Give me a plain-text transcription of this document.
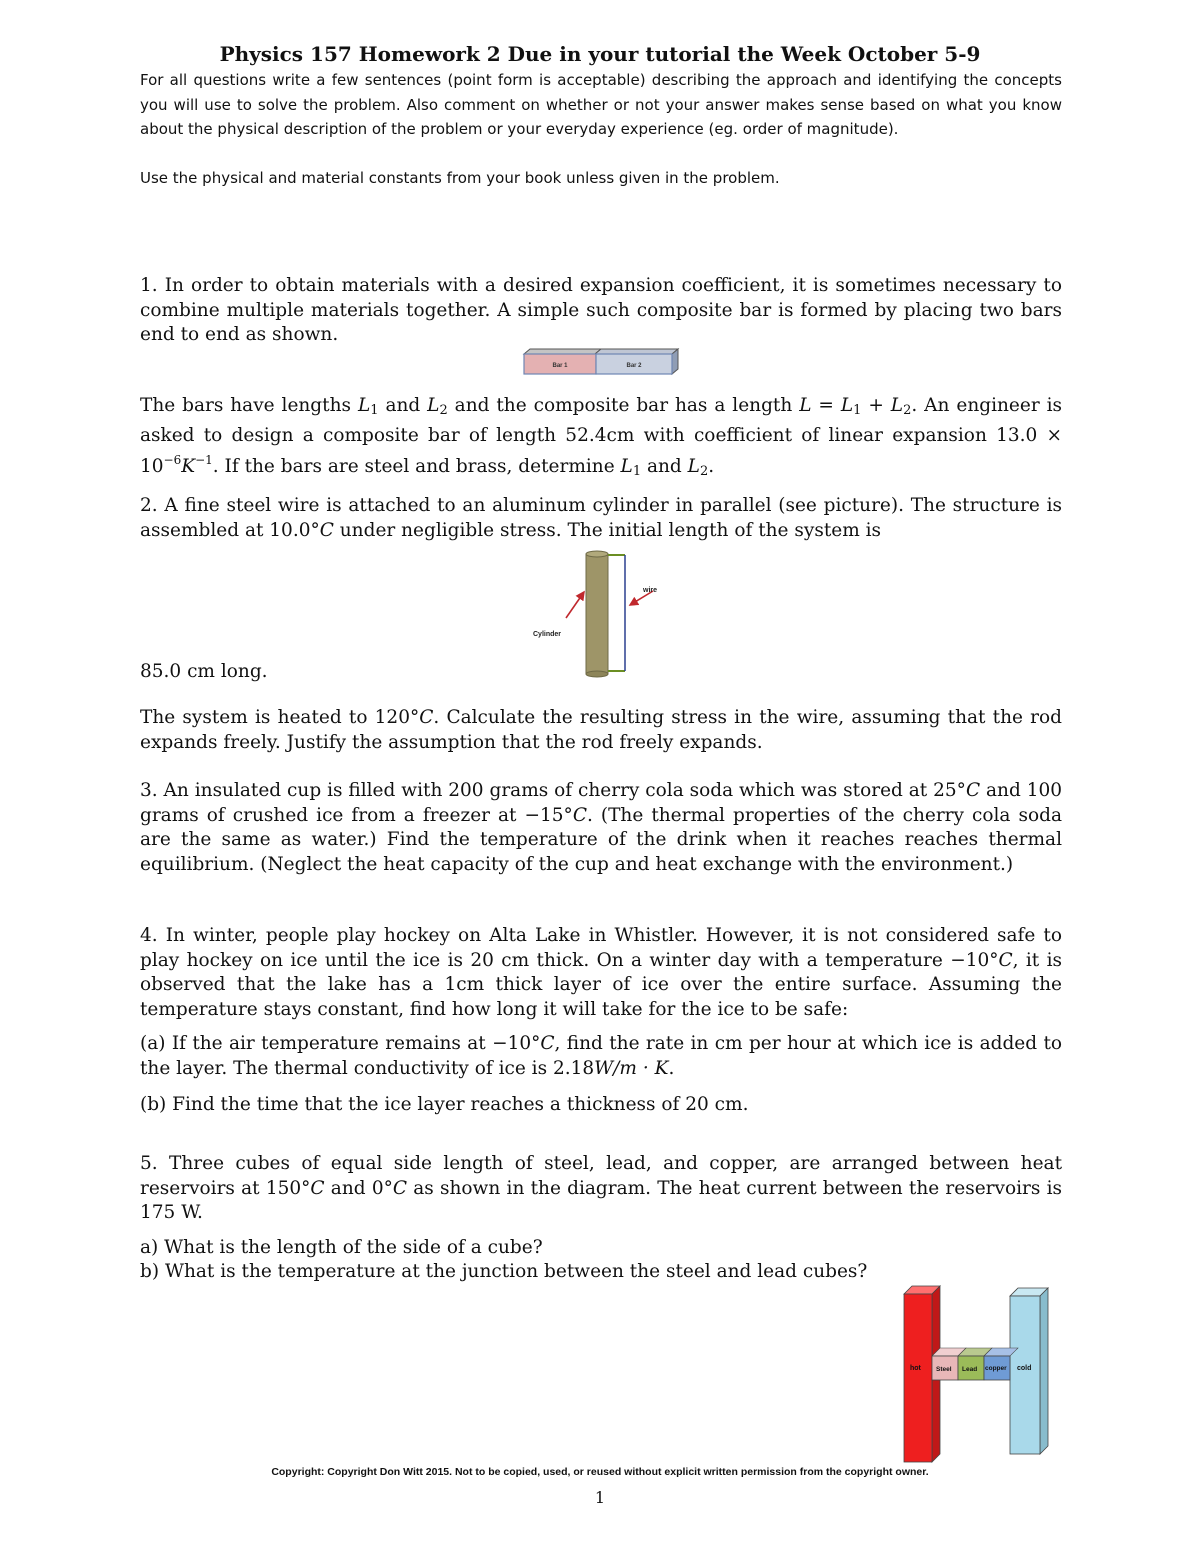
Physics 157 Homework 2 Due in your tutorial the Week October 5-9
For all questions write a few sentences (point form is acceptable) describing the approach and identifying the concepts you will use to solve the problem. Also comment on whether or not your answer makes sense based on what you know about the physical description of the problem or your everyday experience (eg. order of magnitude).
Use the physical and material constants from your book unless given in the problem.
1. In order to obtain materials with a desired expansion coefficient, it is sometimes necessary to combine multiple materials together. A simple such composite bar is formed by placing two bars end to end as shown.
Bar 1	Bar 2
The bars have lengths $L_1$ and $L_2$ and the composite bar has a length $L = L_1 + L_2$. An engineer is asked to design a composite bar of length 52.4cm with coefficient of linear expansion $13.0 \times 10^{-6}K^{-1}$. If the bars are steel and brass, determine $L_1$ and $L_2$.
2. A fine steel wire is attached to an aluminum cylinder in parallel (see picture). The structure is assembled at 10.0°C under negligible stress. The initial length of the system is
wire
Cylinder
85.0 cm long.
The system is heated to 120°C. Calculate the resulting stress in the wire, assuming that the rod expands freely. Justify the assumption that the rod freely expands.
3. An insulated cup is filled with 200 grams of cherry cola soda which was stored at 25°C and 100 grams of crushed ice from a freezer at −15°C. (The thermal properties of the cherry cola soda are the same as water.) Find the temperature of the drink when it reaches reaches thermal equilibrium. (Neglect the heat capacity of the cup and heat exchange with the environment.)
4. In winter, people play hockey on Alta Lake in Whistler. However, it is not considered safe to play hockey on ice until the ice is 20 cm thick. On a winter day with a temperature −10°C, it is observed that the lake has a 1cm thick layer of ice over the entire surface. Assuming the temperature stays constant, find how long it will take for the ice to be safe:
(a) If the air temperature remains at −10°C, find the rate in cm per hour at which ice is added to the layer. The thermal conductivity of ice is 2.18W/m · K.
(b) Find the time that the ice layer reaches a thickness of 20 cm.
5. Three cubes of equal side length of steel, lead, and copper, are arranged between heat reservoirs at 150°C and 0°C as shown in the diagram. The heat current between the reservoirs is 175 W.
a) What is the length of the side of a cube?
b) What is the temperature at the junction between the steel and lead cubes?
hot Steel Lead copper cold
Copyright: Copyright Don Witt 2015. Not to be copied, used, or reused without explicit written permission from the copyright owner.
1
